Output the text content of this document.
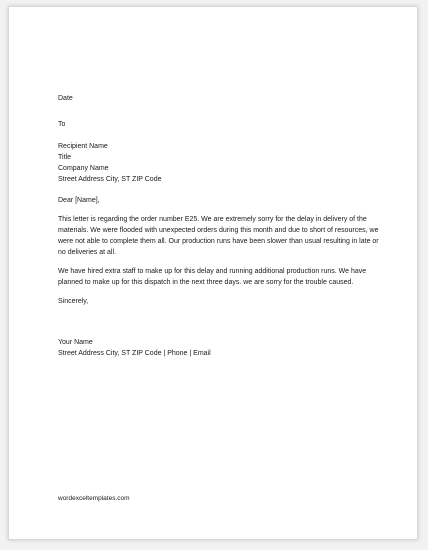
Date
To
Recipient Name
Title
Company Name
Street Address City, ST ZIP Code
Dear [Name],
This letter is regarding the order number E25. We are extremely sorry for the delay in delivery of the materials. We were flooded with unexpected orders during this month and due to short of resources, we were not able to complete them all. Our production runs have been slower than usual resulting in late or no deliveries at all.
We have hired extra staff to make up for this delay and running additional production runs. We have planned to make up for this dispatch in the next three days. we are sorry for the trouble caused.
Sincerely,
Your Name
Street Address City, ST ZIP Code | Phone | Email
wordexceltemplates.com
